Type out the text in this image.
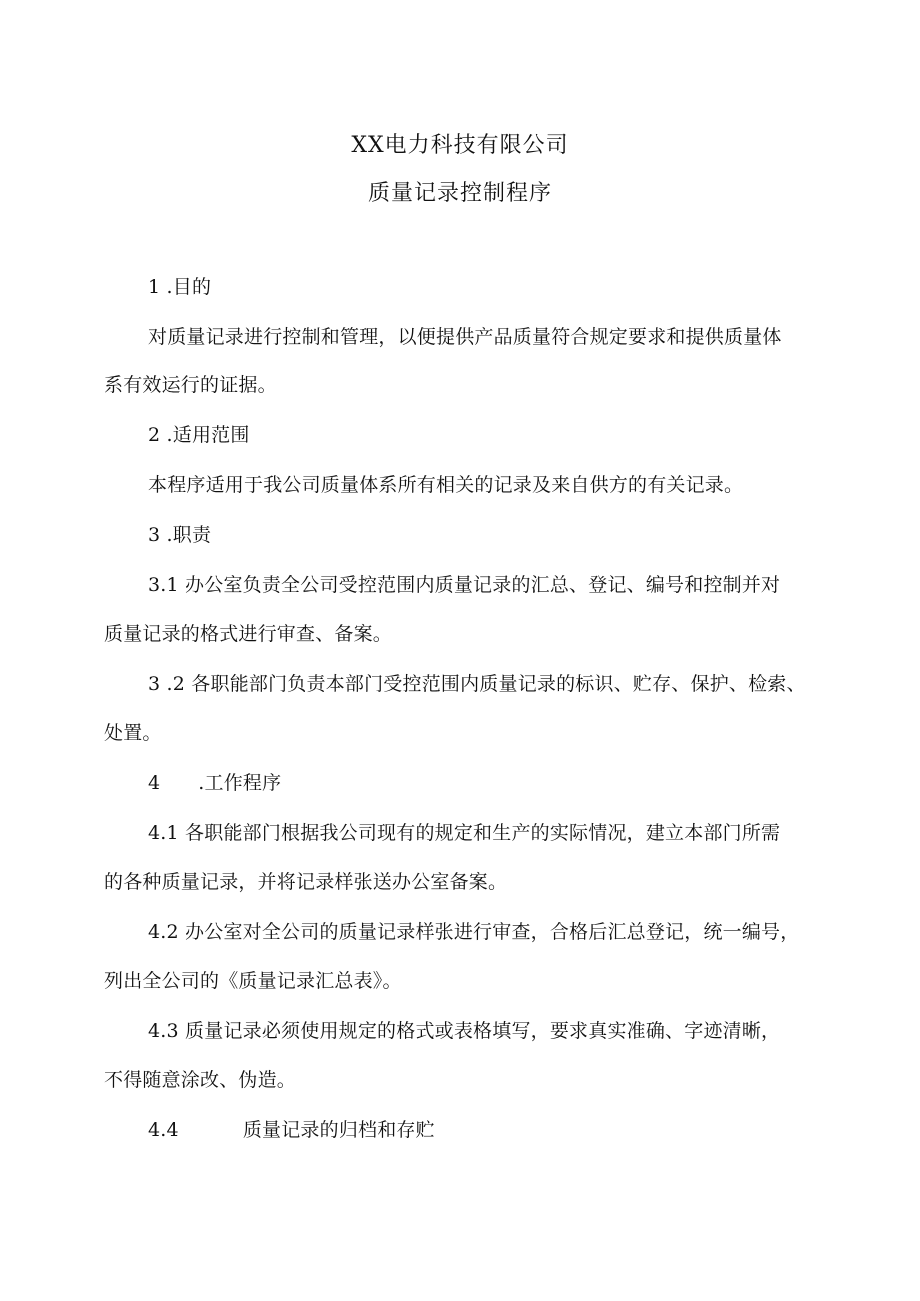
XX电力科技有限公司
质量记录控制程序
1 .目的
对质量记录进行控制和管理，以便提供产品质量符合规定要求和提供质量体
系有效运行的证据。
2 .适用范围
本程序适用于我公司质量体系所有相关的记录及来自供方的有关记录。
3 .职责
3.1 办公室负责全公司受控范围内质量记录的汇总、登记、编号和控制并对
质量记录的格式进行审查、备案。
3 .2 各职能部门负责本部门受控范围内质量记录的标识、贮存、保护、检索、
处置。
4 .工作程序
4.1 各职能部门根据我公司现有的规定和生产的实际情况，建立本部门所需
的各种质量记录，并将记录样张送办公室备案。
4.2 办公室对全公司的质量记录样张进行审查，合格后汇总登记，统一编号，
列出全公司的《质量记录汇总表》。
4.3 质量记录必须使用规定的格式或表格填写，要求真实准确、字迹清晰，
不得随意涂改、伪造。
4.4	质量记录的归档和存贮
